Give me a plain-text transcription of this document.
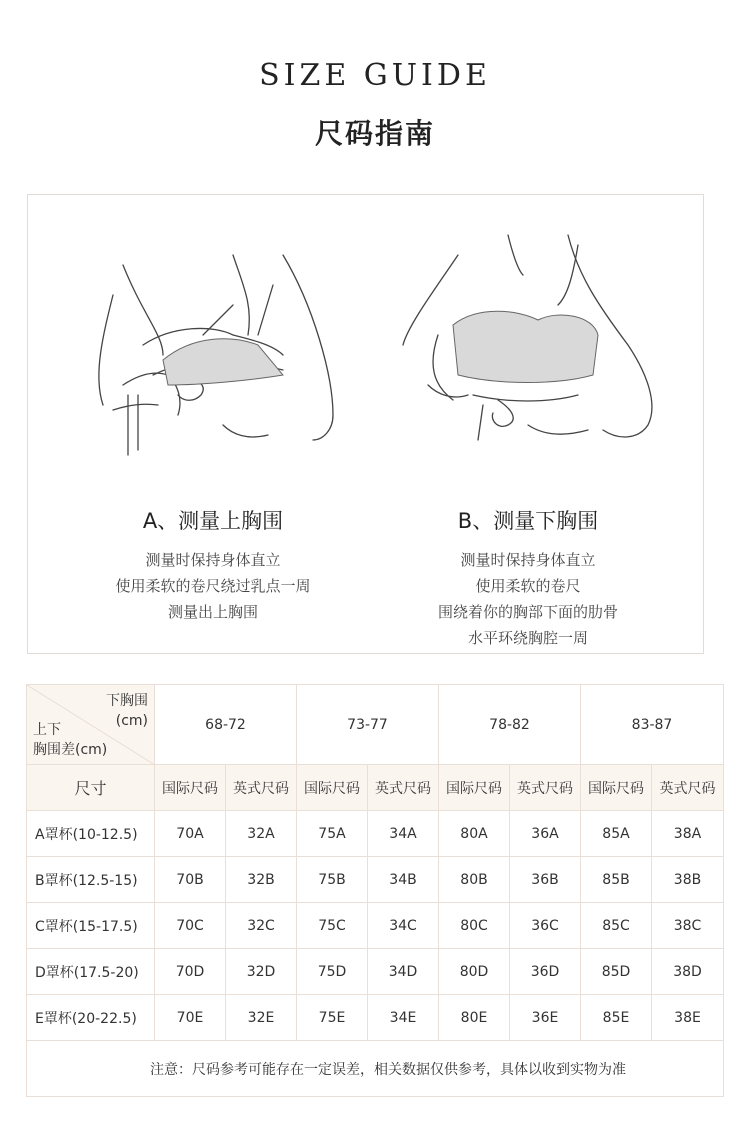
SIZE GUIDE
尺码指南
A、测量上胸围
测量时保持身体直立
使用柔软的卷尺绕过乳点一周
测量出上胸围
B、测量下胸围
测量时保持身体直立
使用柔软的卷尺
围绕着你的胸部下面的肋骨
水平环绕胸腔一周
下胸围
(cm)
上下
胸围差(cm)	68-72		73-77		78-82		83-87	
尺寸	国际尺码	英式尺码	国际尺码	英式尺码	国际尺码	英式尺码	国际尺码	英式尺码
A罩杯(10-12.5)	70A	32A	75A	34A	80A	36A	85A	38A
B罩杯(12.5-15)	70B	32B	75B	34B	80B	36B	85B	38B
C罩杯(15-17.5)	70C	32C	75C	34C	80C	36C	85C	38C
D罩杯(17.5-20)	70D	32D	75D	34D	80D	36D	85D	38D
E罩杯(20-22.5)	70E	32E	75E	34E	80E	36E	85E	38E
注意：尺码参考可能存在一定误差，相关数据仅供参考，具体以收到实物为准								
